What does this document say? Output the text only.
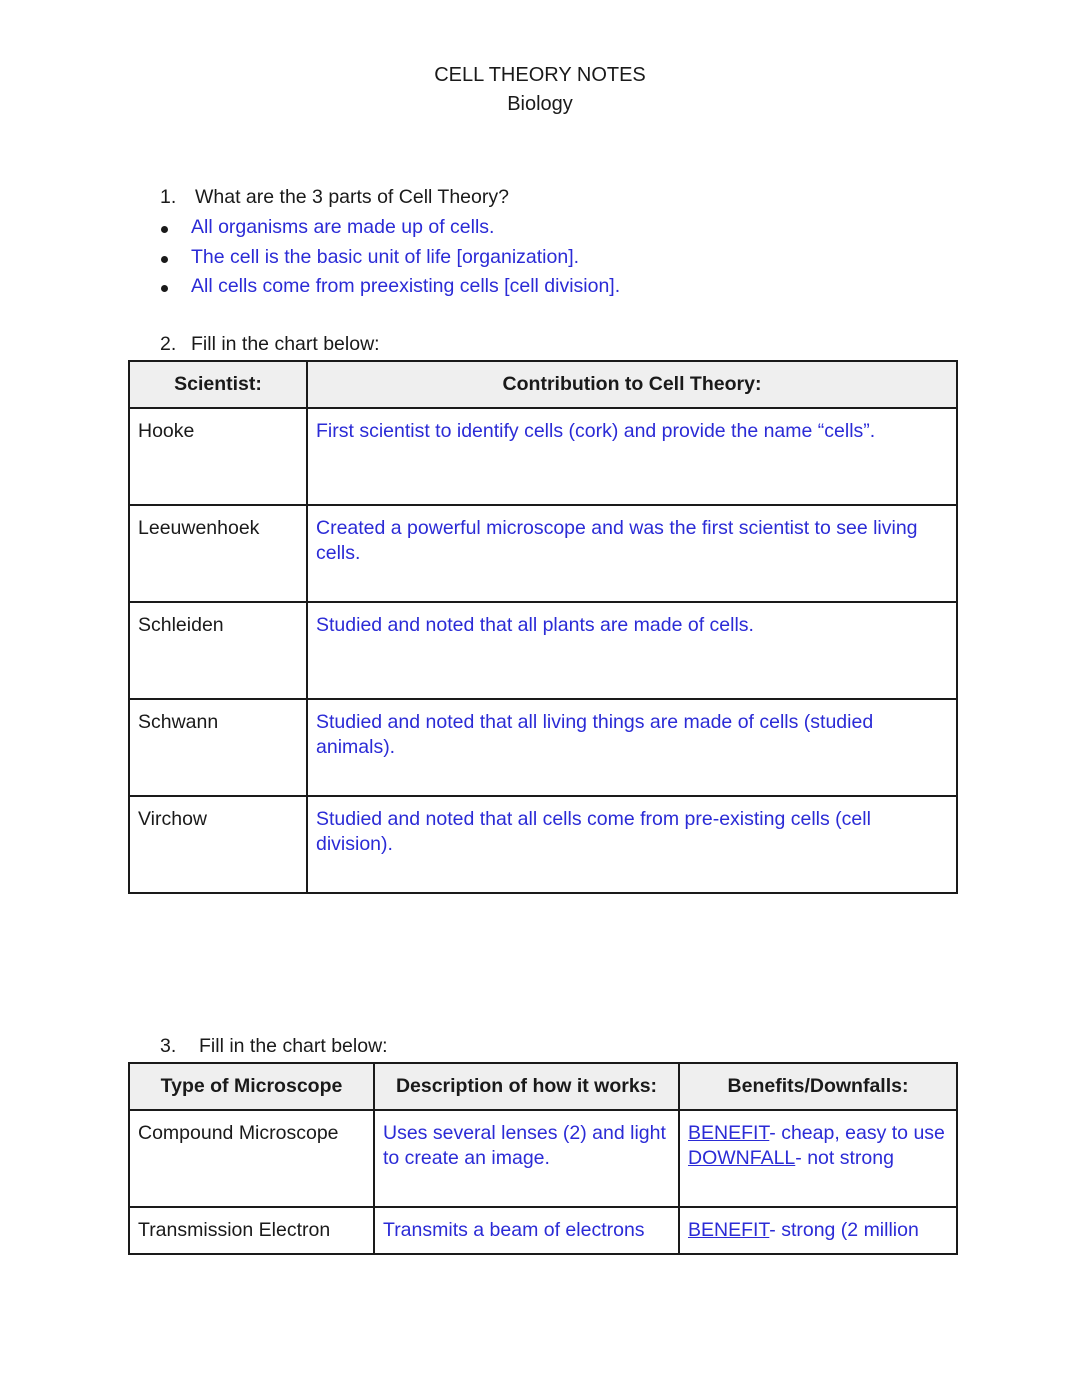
CELL THEORY NOTES
Biology
1. What are the 3 parts of Cell Theory?
All organisms are made up of cells.
The cell is the basic unit of life [organization].
All cells come from preexisting cells [cell division].
2. Fill in the chart below:
Scientist:	Contribution to Cell Theory:
Hooke	First scientist to identify cells (cork) and provide the name “cells”.
Leeuwenhoek	Created a powerful microscope and was the first scientist to see living cells.
Schleiden	Studied and noted that all plants are made of cells.
Schwann	Studied and noted that all living things are made of cells (studied animals).
Virchow	Studied and noted that all cells come from pre-existing cells (cell division).
3. Fill in the chart below:
Type of Microscope	Description of how it works:	Benefits/Downfalls:
Compound Microscope	Uses several lenses (2) and light to create an image.	BENEFIT- cheap, easy to use
DOWNFALL- not strong
Transmission Electron	Transmits a beam of electrons	BENEFIT- strong (2 million
